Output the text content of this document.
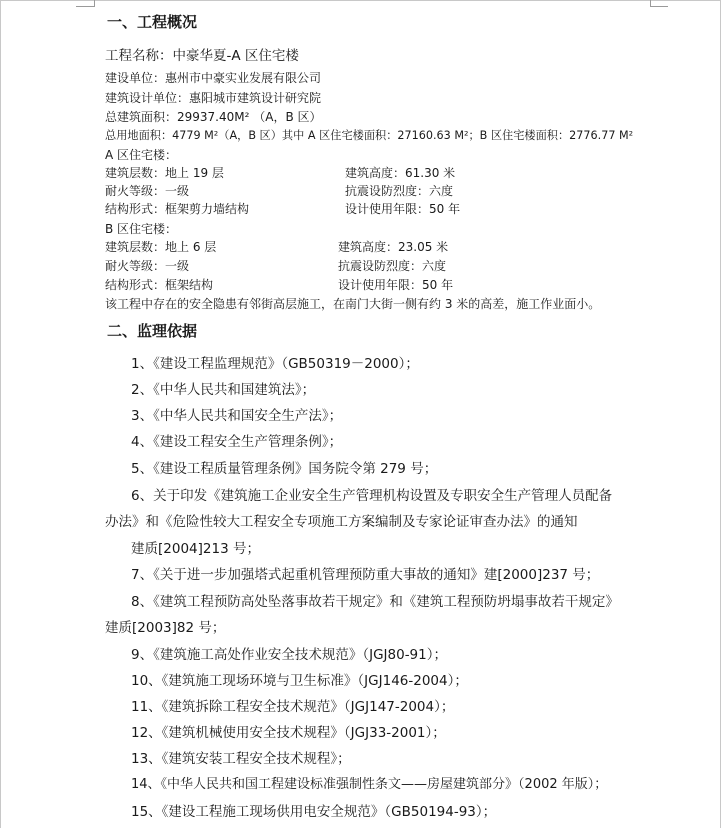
一、工程概况
工程名称：中豪华夏-A 区住宅楼
建设单位：惠州市中豪实业发展有限公司
建筑设计单位：惠阳城市建筑设计研究院
总建筑面积：29937.40M² （A，B 区）
总用地面积：4779 M²（A，B 区）其中 A 区住宅楼面积：27160.63 M²；B 区住宅楼面积：2776.77 M²
A 区住宅楼：
建筑层数：地上 19 层	建筑高度：61.30 米
耐火等级：一级	抗震设防烈度：六度
结构形式：框架剪力墙结构	设计使用年限：50 年
B 区住宅楼：
建筑层数：地上 6 层	建筑高度：23.05 米
耐火等级：一级	抗震设防烈度：六度
结构形式：框架结构	设计使用年限：50 年
该工程中存在的安全隐患有邻街高层施工，在南门大街一侧有约 3 米的高差，施工作业面小。
二、监理依据
1、《建设工程监理规范》（GB50319－2000）；
2、《中华人民共和国建筑法》；
3、《中华人民共和国安全生产法》；
4、《建设工程安全生产管理条例》；
5、《建设工程质量管理条例》国务院令第 279 号；
6、关于印发《建筑施工企业安全生产管理机构设置及专职安全生产管理人员配备
办法》和《危险性较大工程安全专项施工方案编制及专家论证审查办法》的通知
建质[2004]213 号；
7、《关于进一步加强塔式起重机管理预防重大事故的通知》建[2000]237 号；
8、《建筑工程预防高处坠落事故若干规定》和《建筑工程预防坍塌事故若干规定》
建质[2003]82 号；
9、《建筑施工高处作业安全技术规范》（JGJ80-91）；
10、《建筑施工现场环境与卫生标准》（JGJ146-2004）；
11、《建筑拆除工程安全技术规范》（JGJ147-2004）；
12、《建筑机械使用安全技术规程》（JGJ33-2001）；
13、《建筑安装工程安全技术规程》；
14、《中华人民共和国工程建设标准强制性条文——房屋建筑部分》（2002 年版）；
15、《建设工程施工现场供用电安全规范》（GB50194-93）；
